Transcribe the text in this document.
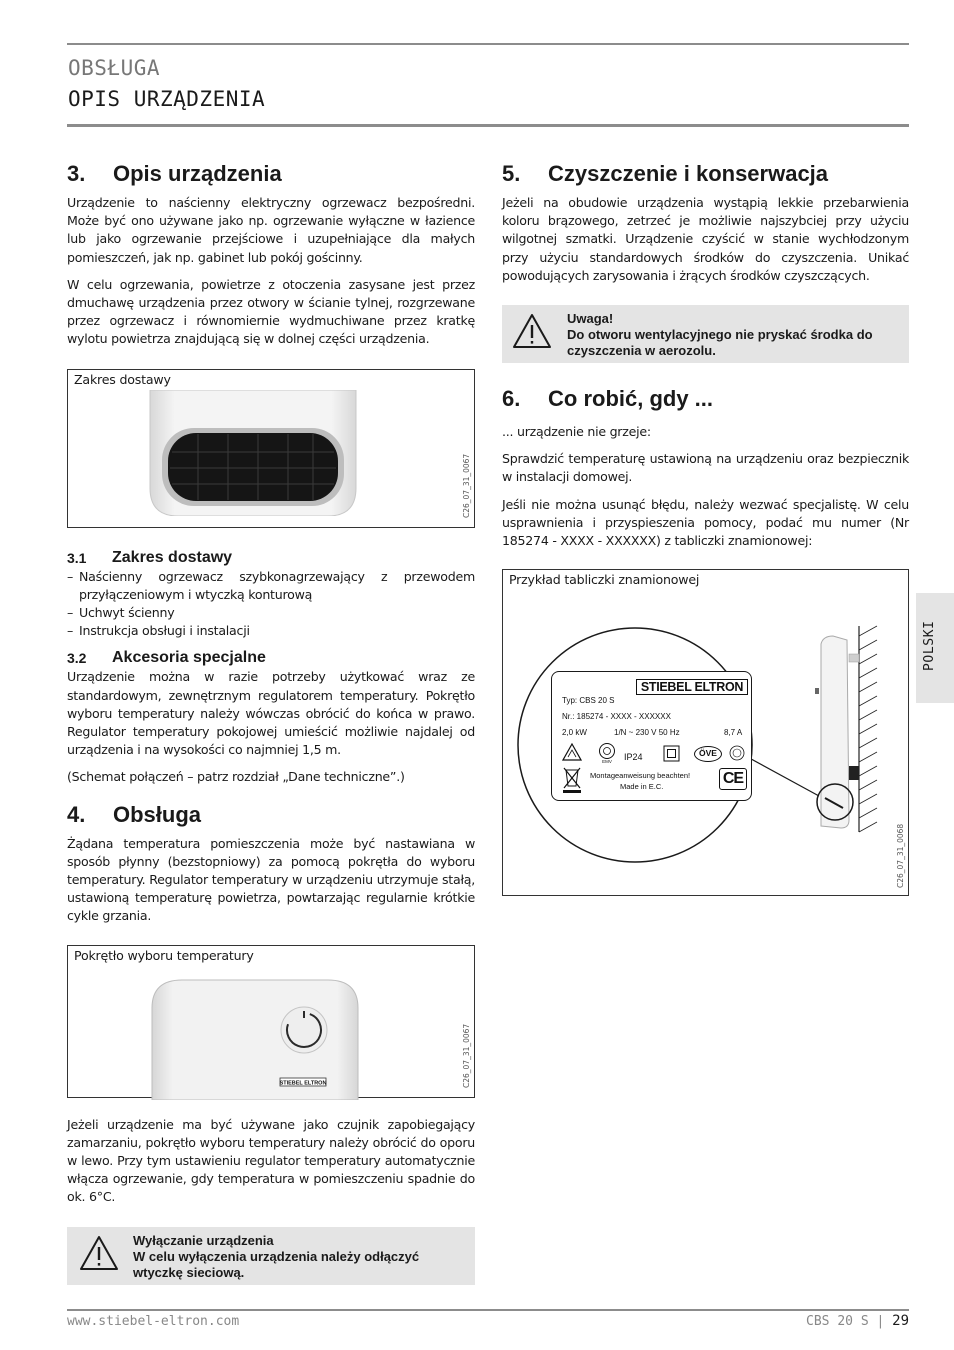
OBSŁUGA
OPIS URZĄDZENIA
3.	Opis urządzenia

Urządzenie to naścienny elektryczny ogrzewacz bezpośredni. Może być ono używane jako np. ogrzewanie wyłączne w łazience lub jako ogrzewanie przejściowe i uzupełniające dla małych pomieszczeń, jak np. gabinet lub pokój gościnny.

W celu ogrzewania, powietrze z otoczenia zasysane jest przez dmuchawę urządzenia przez otwory w ścianie tylnej, rozgrzewane przez ogrzewacz i równomiernie wydmuchiwane przez kratkę wylotu powietrza znajdującą się w dolnej części urządzenia.

Zakres dostawy
C26_07_31_0067
3.1	Zakres dostawy
– Naścienny ogrzewacz szybkonagrzewający z przewodem przyłączeniowym i wtyczką konturową
– Uchwyt ścienny
– Instrukcja obsługi i instalacji
3.2	Akcesoria specjalne

Urządzenie można w razie potrzeby użytkować wraz ze standardowym, zewnętrznym regulatorem temperatury. Pokrętło wyboru temperatury należy wówczas obrócić do końca w prawo. Regulator temperatury pokojowej umieścić możliwie najdalej od urządzenia i na wysokości co najmniej 1,5 m.

(Schemat połączeń – patrz rozdział „Dane techniczne”.)

4.	Obsługa

Żądana temperatura pomieszczenia może być nastawiana w sposób płynny (bezstopniowy) za pomocą pokrętła do wyboru temperatury. Regulator temperatury w urządzeniu utrzymuje stałą, ustawioną temperaturę powietrza, powtarzając regularnie krótkie cykle grzania.

Pokrętło wyboru temperatury
STIEBEL ELTRON	C26_07_31_0067

Jeżeli urządzenie ma być używane jako czujnik zapobiegający zamarzaniu, pokrętło wyboru temperatury należy obrócić do oporu w lewo. Przy tym ustawieniu regulator temperatury automatycznie włącza ogrzewanie, gdy temperatura w pomieszczeniu spadnie do ok. 6°C.

Wyłączanie urządzenia
W celu wyłączenia urządzenia należy odłączyć wtyczkę sieciową.
5.	Czyszczenie i konserwacja

Jeżeli na obudowie urządzenia wystąpią lekkie przebarwienia koloru brązowego, zetrzeć je możliwie najszybciej przy użyciu wilgotnej szmatki. Urządzenie czyścić w stanie wychłodzonym przy użyciu standardowych środków do czyszczenia. Unikać powodujących zarysowania i żrących środków czyszczących.

Uwaga!
Do otworu wentylacyjnego nie pryskać środka do czyszczenia w aerozolu.
6.	Co robić, gdy ...

... urządzenie nie grzeje:

Sprawdzić temperaturę ustawioną na urządzeniu oraz bezpiecznik w instalacji domowej.

Jeśli nie można usunąć błędu, należy wezwać specjalistę. W celu usprawnienia i przyspieszenia pomocy, podać mu numer (Nr 185274 - XXXX - XXXXXX) z tabliczki znamionowej:

Przykład tabliczki znamionowej
STIEBEL ELTRON
Typ: CBS 20 S
Nr.: 185274 - XXXX - XXXXXX
2,0 kW	1/N ~ 230 V 50 Hz	8,7 A
EMV IP24	ÖVE
Montageanweisung beachten!
Made in E.C.	CE
C26_07_31_0068
POLSKI
www.stiebel-eltron.com	CBS 20 S | 29
